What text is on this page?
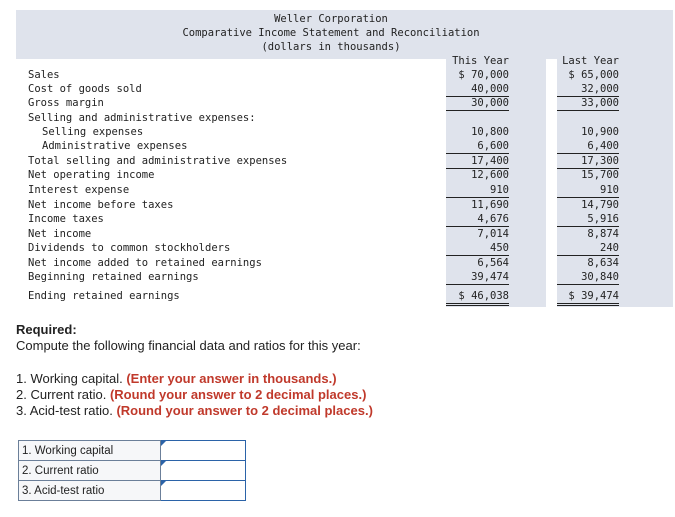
Weller Corporation
Comparative Income Statement and Reconciliation
(dollars in thousands)
This Year	Last Year
Sales	$ 70,000	$ 65,000
Cost of goods sold	40,000	32,000
Gross margin	30,000	33,000
Selling and administrative expenses:
Selling expenses	10,800	10,900
Administrative expenses	6,600	6,400
Total selling and administrative expenses	17,400	17,300
Net operating income	12,600	15,700
Interest expense	910	910
Net income before taxes	11,690	14,790
Income taxes	4,676	5,916
Net income	7,014	8,874
Dividends to common stockholders	450	240
Net income added to retained earnings	6,564	8,634
Beginning retained earnings	39,474	30,840
Ending retained earnings	$ 46,038	$ 39,474
Required:
Compute the following financial data and ratios for this year:
1. Working capital. (Enter your answer in thousands.)
2. Current ratio. (Round your answer to 2 decimal places.)
3. Acid-test ratio. (Round your answer to 2 decimal places.)
1. Working capital	
2. Current ratio	
3. Acid-test ratio	
